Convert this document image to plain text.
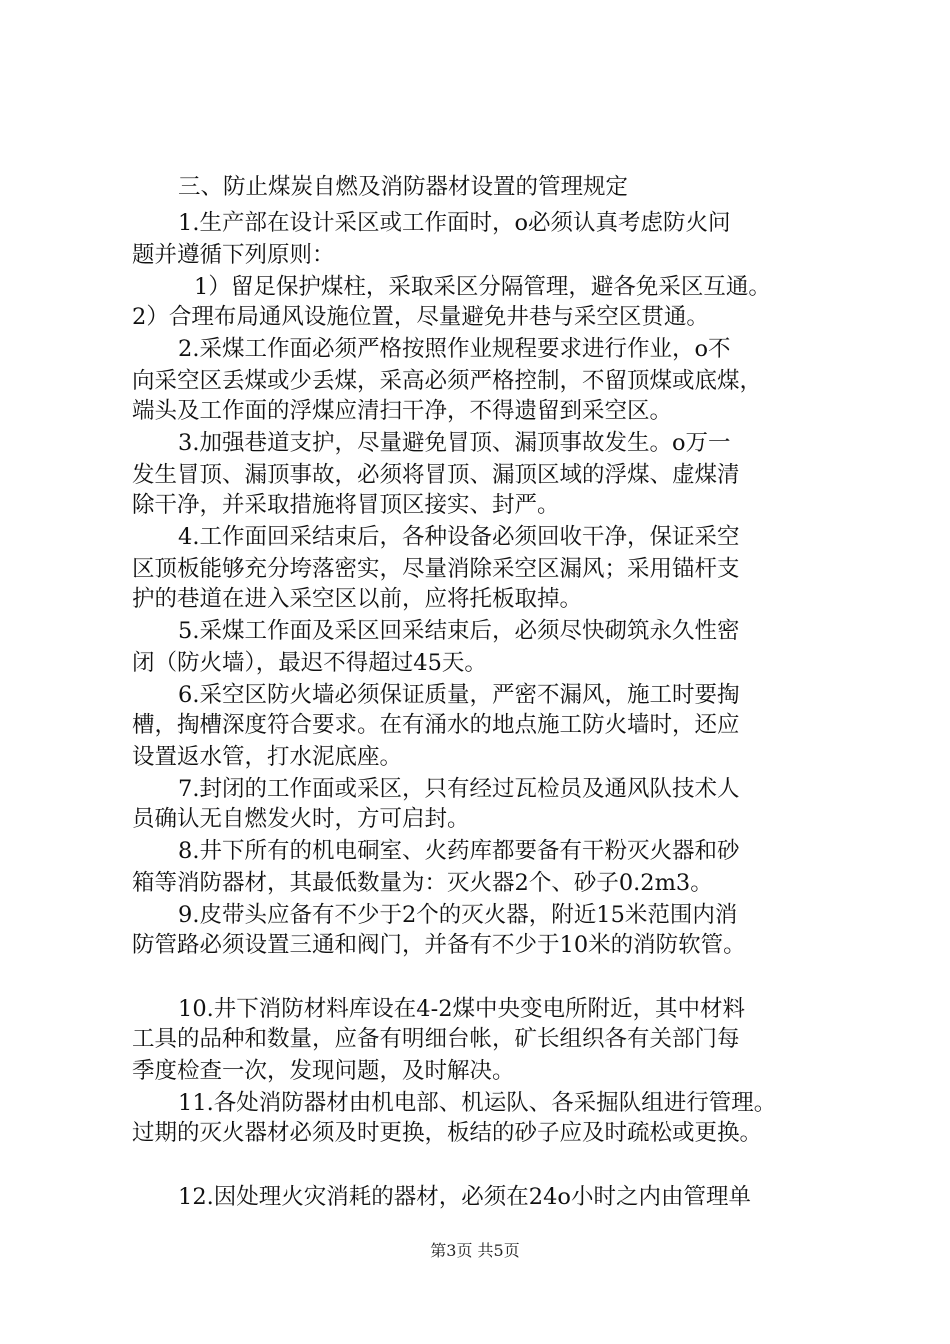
三、防止煤炭自燃及消防器材设置的管理规定
1.生产部在设计采区或工作面时，o必须认真考虑防火问
题并遵循下列原则：
1）留足保护煤柱，采取采区分隔管理，避各免采区互通。
2）合理布局通风设施位置，尽量避免井巷与采空区贯通。
2.采煤工作面必须严格按照作业规程要求进行作业，o不
向采空区丢煤或少丢煤，采高必须严格控制，不留顶煤或底煤，
端头及工作面的浮煤应清扫干净，不得遗留到采空区。
3.加强巷道支护，尽量避免冒顶、漏顶事故发生。o万一
发生冒顶、漏顶事故，必须将冒顶、漏顶区域的浮煤、虚煤清
除干净，并采取措施将冒顶区接实、封严。
4.工作面回采结束后，各种设备必须回收干净，保证采空
区顶板能够充分垮落密实，尽量消除采空区漏风；采用锚杆支
护的巷道在进入采空区以前，应将托板取掉。
5.采煤工作面及采区回采结束后，必须尽快砌筑永久性密
闭（防火墙），最迟不得超过45天。
6.采空区防火墙必须保证质量，严密不漏风，施工时要掏
槽，掏槽深度符合要求。在有涌水的地点施工防火墙时，还应
设置返水管，打水泥底座。
7.封闭的工作面或采区，只有经过瓦检员及通风队技术人
员确认无自燃发火时，方可启封。
8.井下所有的机电硐室、火药库都要备有干粉灭火器和砂
箱等消防器材，其最低数量为：灭火器2个、砂子0.2m3。
9.皮带头应备有不少于2个的灭火器，附近15米范围内消
防管路必须设置三通和阀门，并备有不少于10米的消防软管。
10.井下消防材料库设在4-2煤中央变电所附近，其中材料
工具的品种和数量，应备有明细台帐，矿长组织各有关部门每
季度检查一次，发现问题，及时解决。
11.各处消防器材由机电部、机运队、各采掘队组进行管理。
过期的灭火器材必须及时更换，板结的砂子应及时疏松或更换。
12.因处理火灾消耗的器材，必须在24o小时之内由管理单
第3页 共5页
